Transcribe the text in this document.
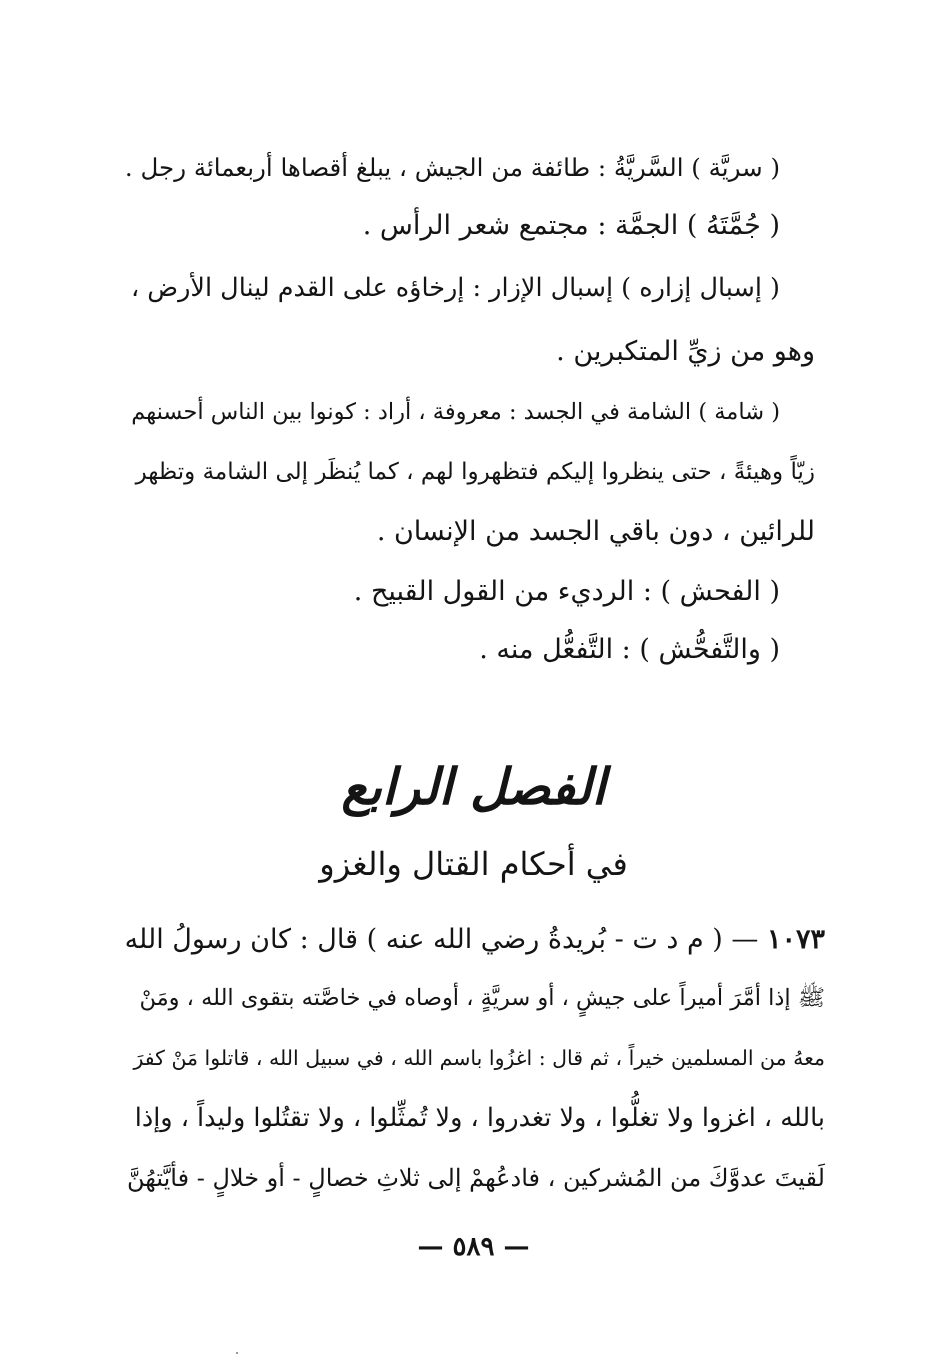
( سريَّة ) السَّريَّةُ : طائفة من الجيش ، يبلغ أقصاها أربعمائة رجل .
( جُمَّتَهُ ) الجمَّة : مجتمع شعر الرأس .
( إسبال إزاره ) إسبال الإزار : إرخاؤه على القدم لينال الأرض ،
وهو من زيِّ المتكبرين .
( شامة ) الشامة في الجسد : معروفة ، أراد : كونوا بين الناس أحسنهم
زيّاً وهيئةً ، حتى ينظروا إليكم فتظهروا لهم ، كما يُنظَر إلى الشامة وتظهر
للرائين ، دون باقي الجسد من الإنسان .
( الفحش ) : الرديء من القول القبيح .
( والتَّفحُّش ) : التَّفعُّل منه .
الفصل الرابع
في أحكام القتال والغزو
١٠٧٣ — ( م د ت - بُريدةُ رضي الله عنه ) قال : كان رسولُ الله
ﷺ إذا أمَّرَ أميراً على جيشٍ ، أو سريَّةٍ ، أوصاه في خاصَّته بتقوى الله ، ومَنْ
معهُ من المسلمين خيراً ، ثم قال : اغزُوا باسم الله ، في سبيل الله ، قاتلوا مَنْ كفرَ
بالله ، اغزوا ولا تغلُّوا ، ولا تغدروا ، ولا تُمثِّلوا ، ولا تقتُلوا وليداً ، وإذا
لَقيتَ عدوَّكَ من المُشركين ، فادعُهمْ إلى ثلاثِ خصالٍ - أو خلالٍ - فأيَّتهُنَّ
— ٥٨٩ —
